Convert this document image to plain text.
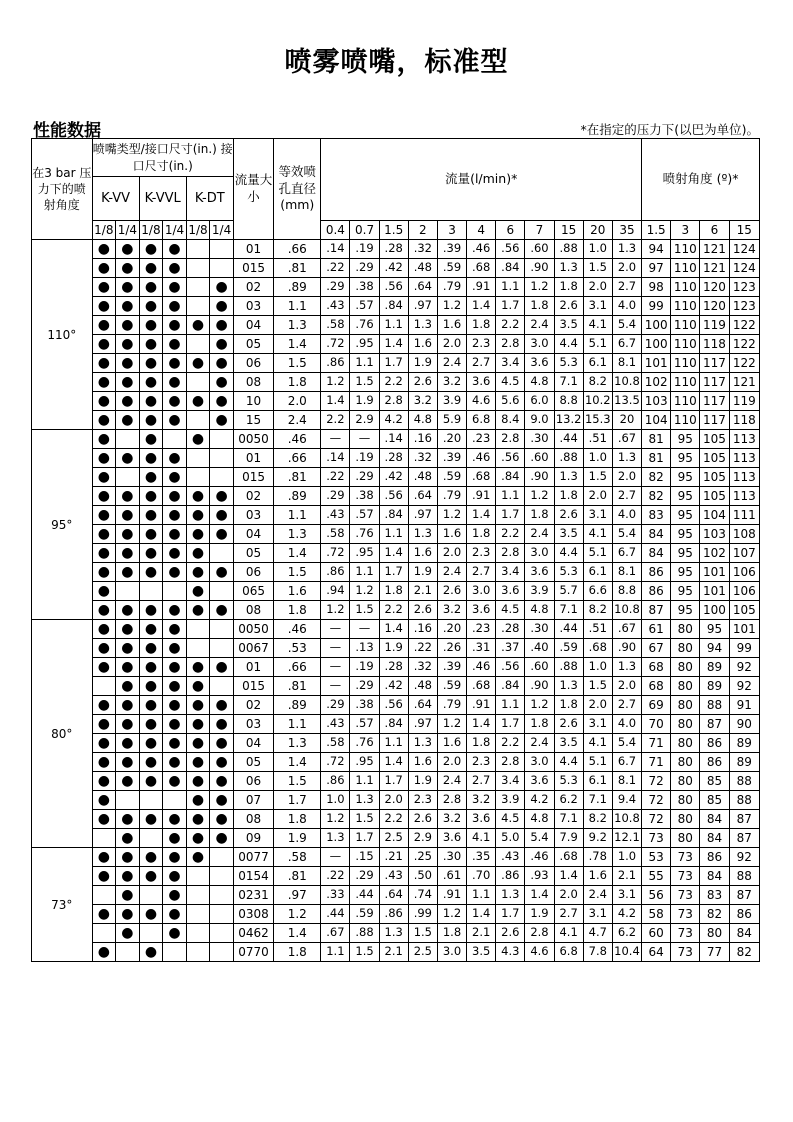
喷雾喷嘴，标准型
性能数据	*在指定的压力下(以巴为单位)。
在3 bar 压力下的喷射角度	喷嘴类型/接口尺寸(in.) 接口尺寸(in.)						流量大小	等效喷孔直径(mm)	流量(l/min)*											喷射角度 (º)*			
	K-VV		K-VVL		K-DT																		
	1/8	1/4	1/8	1/4	1/8	1/4			0.4	0.7	1.5	2	3	4	6	7	15	20	35	1.5	3	6	15
110°	●	●	●	●			01	.66	.14	.19	.28	.32	.39	.46	.56	.60	.88	1.0	1.3	94	110	121	124
	●	●	●	●			015	.81	.22	.29	.42	.48	.59	.68	.84	.90	1.3	1.5	2.0	97	110	121	124
	●	●	●	●		●	02	.89	.29	.38	.56	.64	.79	.91	1.1	1.2	1.8	2.0	2.7	98	110	120	123
	●	●	●	●		●	03	1.1	.43	.57	.84	.97	1.2	1.4	1.7	1.8	2.6	3.1	4.0	99	110	120	123
	●	●	●	●	●	●	04	1.3	.58	.76	1.1	1.3	1.6	1.8	2.2	2.4	3.5	4.1	5.4	100	110	119	122
	●	●	●	●		●	05	1.4	.72	.95	1.4	1.6	2.0	2.3	2.8	3.0	4.4	5.1	6.7	100	110	118	122
	●	●	●	●	●	●	06	1.5	.86	1.1	1.7	1.9	2.4	2.7	3.4	3.6	5.3	6.1	8.1	101	110	117	122
	●	●	●	●		●	08	1.8	1.2	1.5	2.2	2.6	3.2	3.6	4.5	4.8	7.1	8.2	10.8	102	110	117	121
	●	●	●	●	●	●	10	2.0	1.4	1.9	2.8	3.2	3.9	4.6	5.6	6.0	8.8	10.2	13.5	103	110	117	119
	●	●	●	●		●	15	2.4	2.2	2.9	4.2	4.8	5.9	6.8	8.4	9.0	13.2	15.3	20	104	110	117	118
95°	●		●		●		0050	.46	—	—	.14	.16	.20	.23	2.8	.30	.44	.51	.67	81	95	105	113
	●	●	●	●			01	.66	.14	.19	.28	.32	.39	.46	.56	.60	.88	1.0	1.3	81	95	105	113
	●		●	●			015	.81	.22	.29	.42	.48	.59	.68	.84	.90	1.3	1.5	2.0	82	95	105	113
	●	●	●	●	●	●	02	.89	.29	.38	.56	.64	.79	.91	1.1	1.2	1.8	2.0	2.7	82	95	105	113
	●	●	●	●	●	●	03	1.1	.43	.57	.84	.97	1.2	1.4	1.7	1.8	2.6	3.1	4.0	83	95	104	111
	●	●	●	●	●	●	04	1.3	.58	.76	1.1	1.3	1.6	1.8	2.2	2.4	3.5	4.1	5.4	84	95	103	108
	●	●	●	●	●		05	1.4	.72	.95	1.4	1.6	2.0	2.3	2.8	3.0	4.4	5.1	6.7	84	95	102	107
	●	●	●	●	●	●	06	1.5	.86	1.1	1.7	1.9	2.4	2.7	3.4	3.6	5.3	6.1	8.1	86	95	101	106
	●				●		065	1.6	.94	1.2	1.8	2.1	2.6	3.0	3.6	3.9	5.7	6.6	8.8	86	95	101	106
	●	●	●	●	●	●	08	1.8	1.2	1.5	2.2	2.6	3.2	3.6	4.5	4.8	7.1	8.2	10.8	87	95	100	105
80°	●	●	●	●			0050	.46	—	—	1.4	.16	.20	.23	.28	.30	.44	.51	.67	61	80	95	101
	●	●	●	●			0067	.53	—	.13	1.9	.22	.26	.31	.37	.40	.59	.68	.90	67	80	94	99
	●	●	●	●	●	●	01	.66	—	.19	.28	.32	.39	.46	.56	.60	.88	1.0	1.3	68	80	89	92
		●	●	●	●		015	.81	—	.29	.42	.48	.59	.68	.84	.90	1.3	1.5	2.0	68	80	89	92
	●	●	●	●	●	●	02	.89	.29	.38	.56	.64	.79	.91	1.1	1.2	1.8	2.0	2.7	69	80	88	91
	●	●	●	●	●	●	03	1.1	.43	.57	.84	.97	1.2	1.4	1.7	1.8	2.6	3.1	4.0	70	80	87	90
	●	●	●	●	●	●	04	1.3	.58	.76	1.1	1.3	1.6	1.8	2.2	2.4	3.5	4.1	5.4	71	80	86	89
	●	●	●	●	●	●	05	1.4	.72	.95	1.4	1.6	2.0	2.3	2.8	3.0	4.4	5.1	6.7	71	80	86	89
	●	●	●	●	●	●	06	1.5	.86	1.1	1.7	1.9	2.4	2.7	3.4	3.6	5.3	6.1	8.1	72	80	85	88
	●				●	●	07	1.7	1.0	1.3	2.0	2.3	2.8	3.2	3.9	4.2	6.2	7.1	9.4	72	80	85	88
	●	●	●	●	●	●	08	1.8	1.2	1.5	2.2	2.6	3.2	3.6	4.5	4.8	7.1	8.2	10.8	72	80	84	87
		●		●	●	●	09	1.9	1.3	1.7	2.5	2.9	3.6	4.1	5.0	5.4	7.9	9.2	12.1	73	80	84	87
73°	●	●	●	●	●		0077	.58	—	.15	.21	.25	.30	.35	.43	.46	.68	.78	1.0	53	73	86	92
	●	●	●	●			0154	.81	.22	.29	.43	.50	.61	.70	.86	.93	1.4	1.6	2.1	55	73	84	88
		●		●			0231	.97	.33	.44	.64	.74	.91	1.1	1.3	1.4	2.0	2.4	3.1	56	73	83	87
	●	●	●	●			0308	1.2	.44	.59	.86	.99	1.2	1.4	1.7	1.9	2.7	3.1	4.2	58	73	82	86
		●		●			0462	1.4	.67	.88	1.3	1.5	1.8	2.1	2.6	2.8	4.1	4.7	6.2	60	73	80	84
	●		●				0770	1.8	1.1	1.5	2.1	2.5	3.0	3.5	4.3	4.6	6.8	7.8	10.4	64	73	77	82
